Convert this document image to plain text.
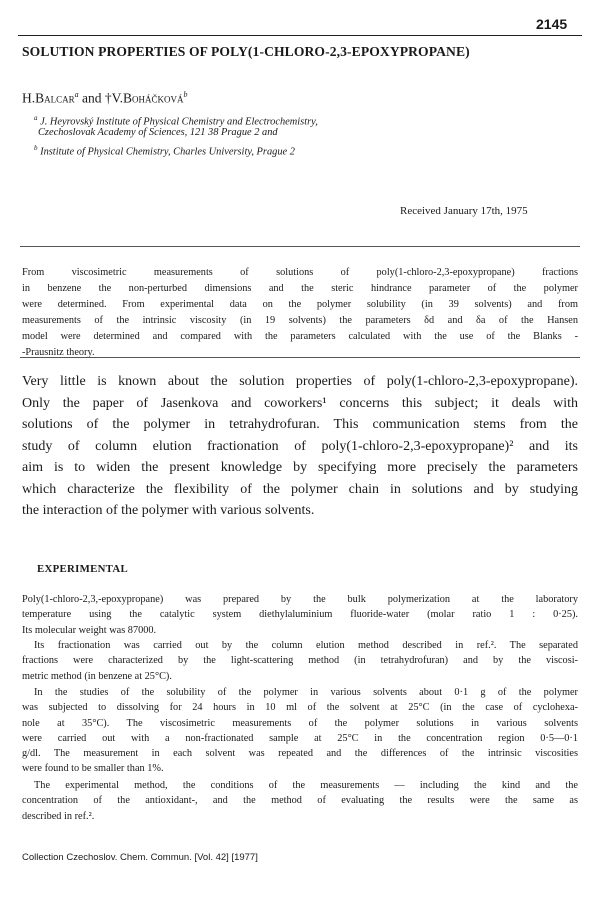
2145
SOLUTION PROPERTIES OF POLY(1-CHLORO-2,3-EPOXYPROPANE)
H.Balcar$^a$ and †V.Boháčková$^b$
$^a$ J. Heyrovský Institute of Physical Chemistry and Electrochemistry,
Czechoslovak Academy of Sciences, 121 38 Prague 2 and
$^b$ Institute of Physical Chemistry, Charles University, Prague 2
Received January 17th, 1975
From viscosimetric measurements of solutions of poly(1-chloro-2,3-epoxypropane) fractions
in benzene the non-perturbed dimensions and the steric hindrance parameter of the polymer
were determined. From experimental data on the polymer solubility (in 39 solvents) and from
measurements of the intrinsic viscosity (in 19 solvents) the parameters δd and δa of the Hansen
model were determined and compared with the parameters calculated with the use of the Blanks -
-Prausnitz theory.
Very little is known about the solution properties of poly(1-chloro-2,3-epoxypropane).
Only the paper of Jasenkova and coworkers¹ concerns this subject; it deals with
solutions of the polymer in tetrahydrofuran. This communication stems from the
study of column elution fractionation of poly(1-chloro-2,3-epoxypropane)² and its
aim is to widen the present knowledge by specifying more precisely the parameters
which characterize the flexibility of the polymer chain in solutions and by studying
the interaction of the polymer with various solvents.
EXPERIMENTAL
Poly(1-chloro-2,3,-epoxypropane) was prepared by the bulk polymerization at the laboratory
temperature using the catalytic system diethylaluminium fluoride-water (molar ratio 1 : 0·25).
Its molecular weight was 87000.
Its fractionation was carried out by the column elution method described in ref.². The separated
fractions were characterized by the light-scattering method (in tetrahydrofuran) and by the viscosi-
metric method (in benzene at 25°C).
In the studies of the solubility of the polymer in various solvents about 0·1 g of the polymer
was subjected to dissolving for 24 hours in 10 ml of the solvent at 25°C (in the case of cyclohexa-
nole at 35°C). The viscosimetric measurements of the polymer solutions in various solvents
were carried out with a non-fractionated sample at 25°C in the concentration region 0·5—0·1
g/dl. The measurement in each solvent was repeated and the differences of the intrinsic viscosities
were found to be smaller than 1%.
The experimental method, the conditions of the measurements — including the kind and the
concentration of the antioxidant-, and the method of evaluating the results were the same as
described in ref.².
Collection Czechoslov. Chem. Commun. [Vol. 42] [1977]
